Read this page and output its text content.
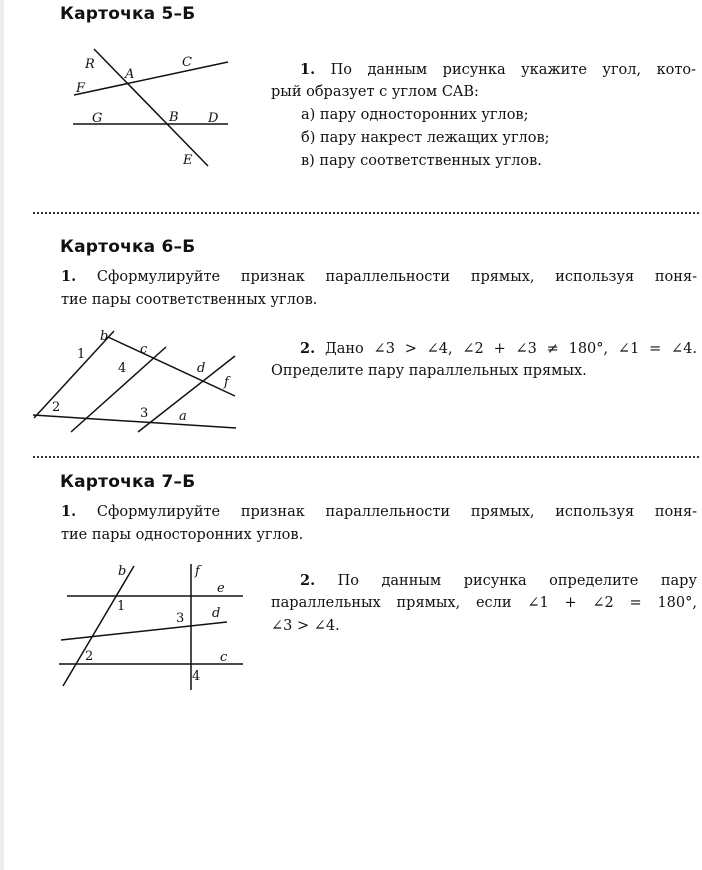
Карточка 5–Б
R
A
C
F
G	B D
E
1. По данным рисунка укажите угол, кото-
рый образует с углом CAB:
а) пару односторонних углов;
б) пару накрест лежащих углов;
в) пару соответственных углов.
Карточка 6–Б
1. Сформулируйте признак параллельности прямых, используя поня-
тие пары соответственных углов.
b
c
d
f
a
1
4
2	3
2. Дано ∠3 > ∠4, ∠2 + ∠3 ≠ 180°, ∠1 = ∠4.
Определите пару параллельных прямых.
Карточка 7–Б
1. Сформулируйте признак параллельности прямых, используя поня-
тие пары односторонних углов.
b	f
e
d
c
1
3
2
4
2. По данным рисунка определите пару
параллельных прямых, если ∠1 + ∠2 = 180°,
∠3 > ∠4.
